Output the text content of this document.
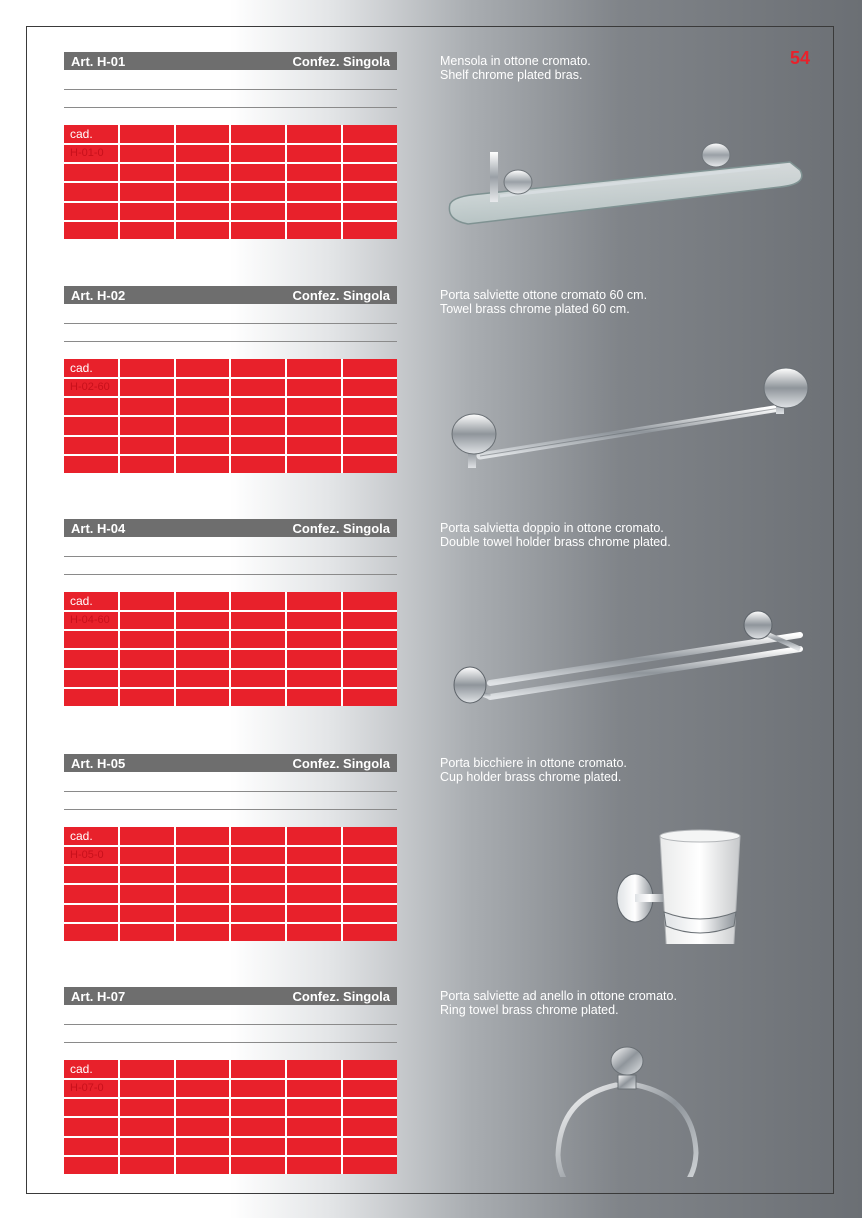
54
Art. H-01	Confez. Singola
cad.
H-01-0
Mensola in ottone cromato.
Shelf chrome plated bras.
Art. H-02	Confez. Singola
cad.
H-02-60
Porta salviette ottone cromato 60 cm.
Towel brass chrome plated 60 cm.
Art. H-04	Confez. Singola
cad.
H-04-60
Porta salvietta doppio in ottone cromato.
Double towel holder brass chrome plated.
Art. H-05	Confez. Singola
cad.
H-05-0
Porta bicchiere in ottone cromato.
Cup holder brass chrome plated.
Art. H-07	Confez. Singola
cad.
H-07-0
Porta salviette ad anello in ottone cromato.
Ring towel brass chrome plated.
